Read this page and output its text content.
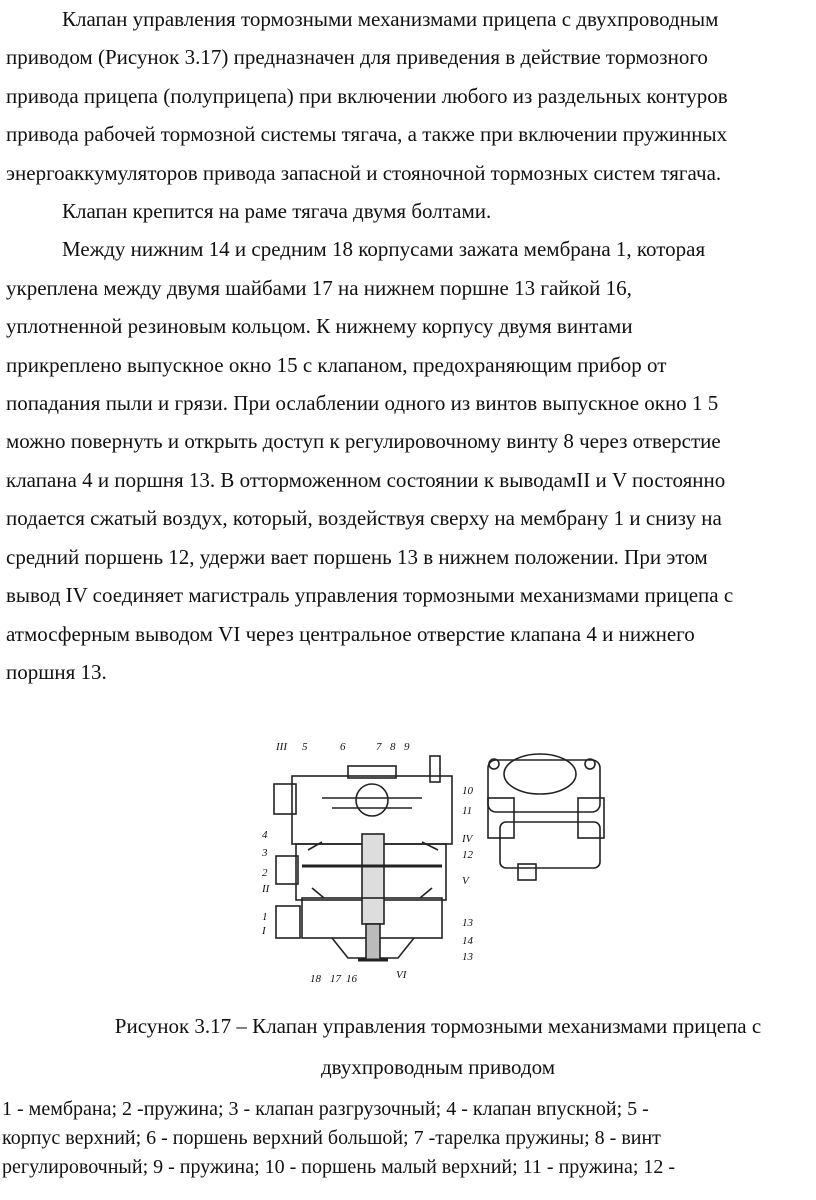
Клапан управления тормозными механизмами прицепа с двухпроводным

приводом (Рисунок 3.17) предназначен для приведения в действие тормозного

привода прицепа (полуприцепа) при включении любого из раздельных контуров

привода рабочей тормозной системы тягача, а также при включении пружинных

энергоаккумуляторов привода запасной и стояночной тормозных систем тягача.

Клапан крепится на раме тягача двумя болтами.

Между нижним 14 и средним 18 корпусами зажата мембрана 1, которая

укреплена между двумя шайбами 17 на нижнем поршне 13 гайкой 16,

уплотненной резиновым кольцом. К нижнему корпусу двумя винтами

прикреплено выпускное окно 15 с клапаном, предохраняющим прибор от

попадания пыли и грязи. При ослаблении одного из винтов выпускное окно 1 5

можно повернуть и открыть доступ к регулировочному винту 8 через отверстие

клапана 4 и поршня 13. В отторможенном состоянии к выводамII и V постоянно

подается сжатый воздух, который, воздействуя сверху на мембрану 1 и снизу на

средний поршень 12, удержи вает поршень 13 в нижнем положении. При этом

вывод IV соединяет магистраль управления тормозными механизмами прицепа с

атмосферным выводом VI через центральное отверстие клапана 4 и нижнего

поршня 13.

III 5	6	7 8 9
4
3
2
II
1
I
10
11
IV
12
V
13
14
13
18 17 16	VI
Рисунок 3.17 – Клапан управления тормозными механизмами прицепа с
двухпроводным приводом

1 - мембрана; 2 -пружина; 3 - клапан разгрузочный; 4 - клапан впускной; 5 -

корпус верхний; 6 - поршень верхний большой; 7 -тарелка пружины; 8 - винт

регулировочный; 9 - пружина; 10 - поршень малый верхний; 11 - пружина; 12 -
